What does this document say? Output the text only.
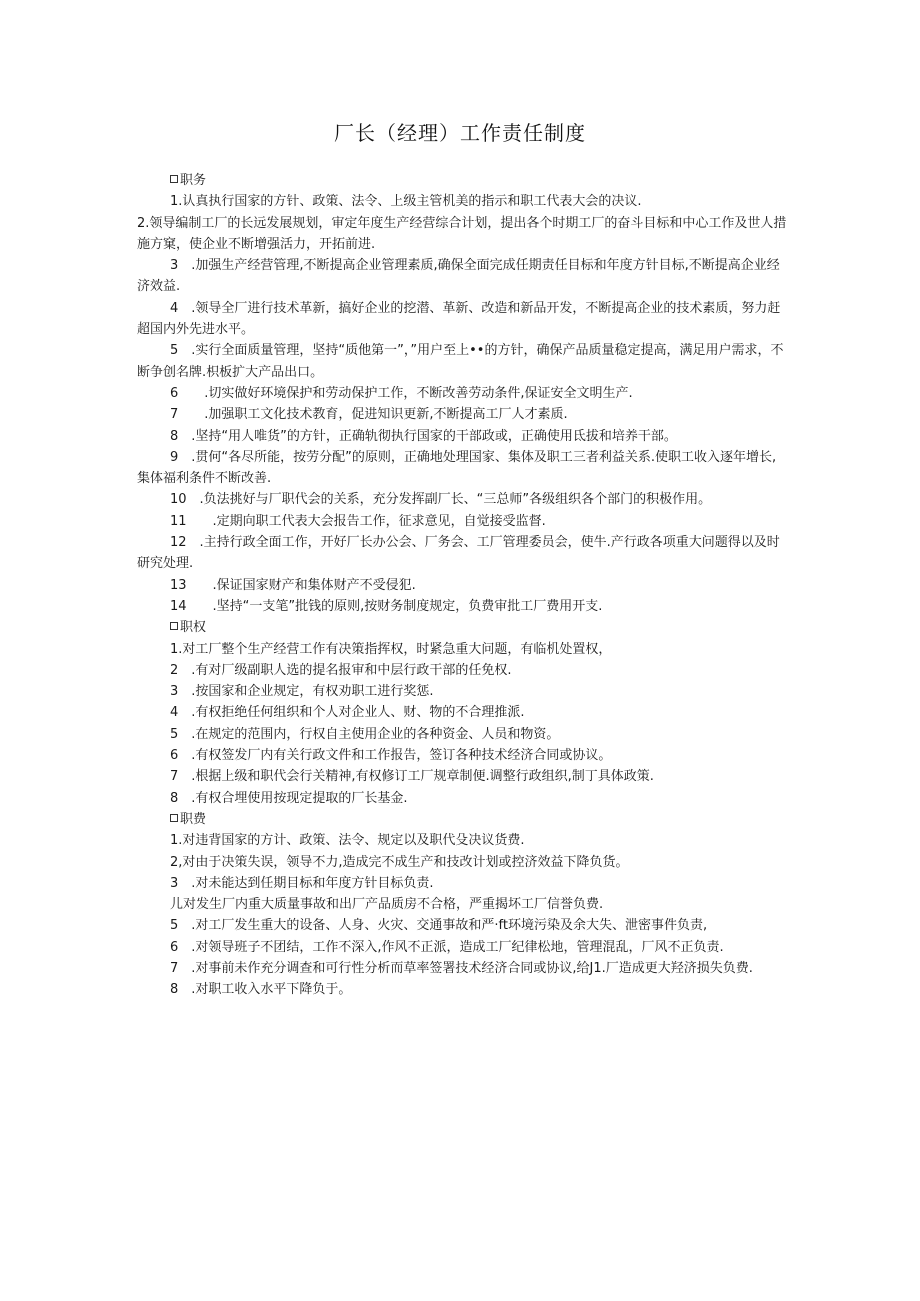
厂长（经理）工作责任制度

职务

1.认真执行国家的方针、政策、法令、上级主管机美的指示和职工代表大会的决议.

2.领导编制工厂的长远发展规划，审定年度生产经营综合计划，提出各个时期工厂的奋斗目标和中心工作及世人措施方窠，使企业不断增强活力，开拓前进.

3　.加强生产经营管理,不断提高企业管理素质,确保全面完成任期责任目标和年度方针目标,不断提高企业经济效益.

4　.领导全厂进行技术革新，搞好企业的挖潜、革新、改造和新品开发，不断提高企业的技术素质，努力赶超国内外先进水平。

5　.实行全面质量管理，坚持“质他第一”，”用户至上••的方针，确保产品质量稳定提高，满足用户需求，不断争创名牌.枳板扩大产品出口。

6　　.切实做好环境保护和劳动保护工作，不断改善劳动条件,保证安全文明生产.

7　　.加强职工文化技术教育，促进知识更新,不断提高工厂人才素质.

8　.坚持“用人唯货”的方针，正确轨彻执行国家的干部政或，正确使用氐拔和培养干部。

9　.贯何“各尽所能，按劳分配”的原则，正确地处理国家、集体及职工三者利益关系.使职工收入逐年增长,集体福利条件不断改善.

10　.负法挑好与厂职代会的关系，充分发挥副厂长、“三总师”各级组织各个部门的积极作用。

11　　.定期向职工代表大会报告工作，征求意见，自觉接受监督.

12　.主持行政全面工作，开好厂长办公会、厂务会、工厂管理委员会，使牛.产行政各项重大问题得以及时研究处理.

13　　.保证国家财产和集体财产不受侵犯.

14　　.坚持“一支笔”批钱的原则,按财务制度规定，负费审批工厂费用开支.

职权

1.对工厂整个生产经营工作有决策指挥权，时紧急重大问题，有临机处置权，

2　.有对厂级副职人选的提名报审和中层行政干部的任免权.

3　.按国家和企业规定，有权劝职工进行奖惩.

4　.有权拒绝任何组织和个人对企业人、财、物的不合理推派.

5　.在规定的范围内，行权自主使用企业的各种资金、人员和物资。

6　.有权签发厂内有关行政文件和工作报告，签订各种技术经济合同或协议。

7　.根据上级和职代会行关精神,有权修订工厂规章制便.调整行政组织,制丁具体政策.

8　.有权合埋使用按现定提取的厂长基金.

职费

1.对违背国家的方计、政策、法令、规定以及职代殳决议货费.

2,对由于决策失误，领导不力,造成完不成生产和技改计划或控济效益下降负货。

3　.对未能达到任期目标和年度方针目标负责.

儿对发生厂内重大质量事故和出厂产品质房不合格，严重揭坏工厂信誉负费.

5　.对工厂发生重大的设备、人身、火灾、交通事故和严·ft环境污染及余大失、泄密事件负责,

6　.对领导班子不团结，工作不深入,作风不正派，造成工厂纪律松地，管理混乱，厂风不正负责.

7　.对事前未作充分调查和可行性分析而草率签署技术经济合同或协议,给J1.厂造成更大羟济损失负费.

8　.对职工收入水平下降负于。
